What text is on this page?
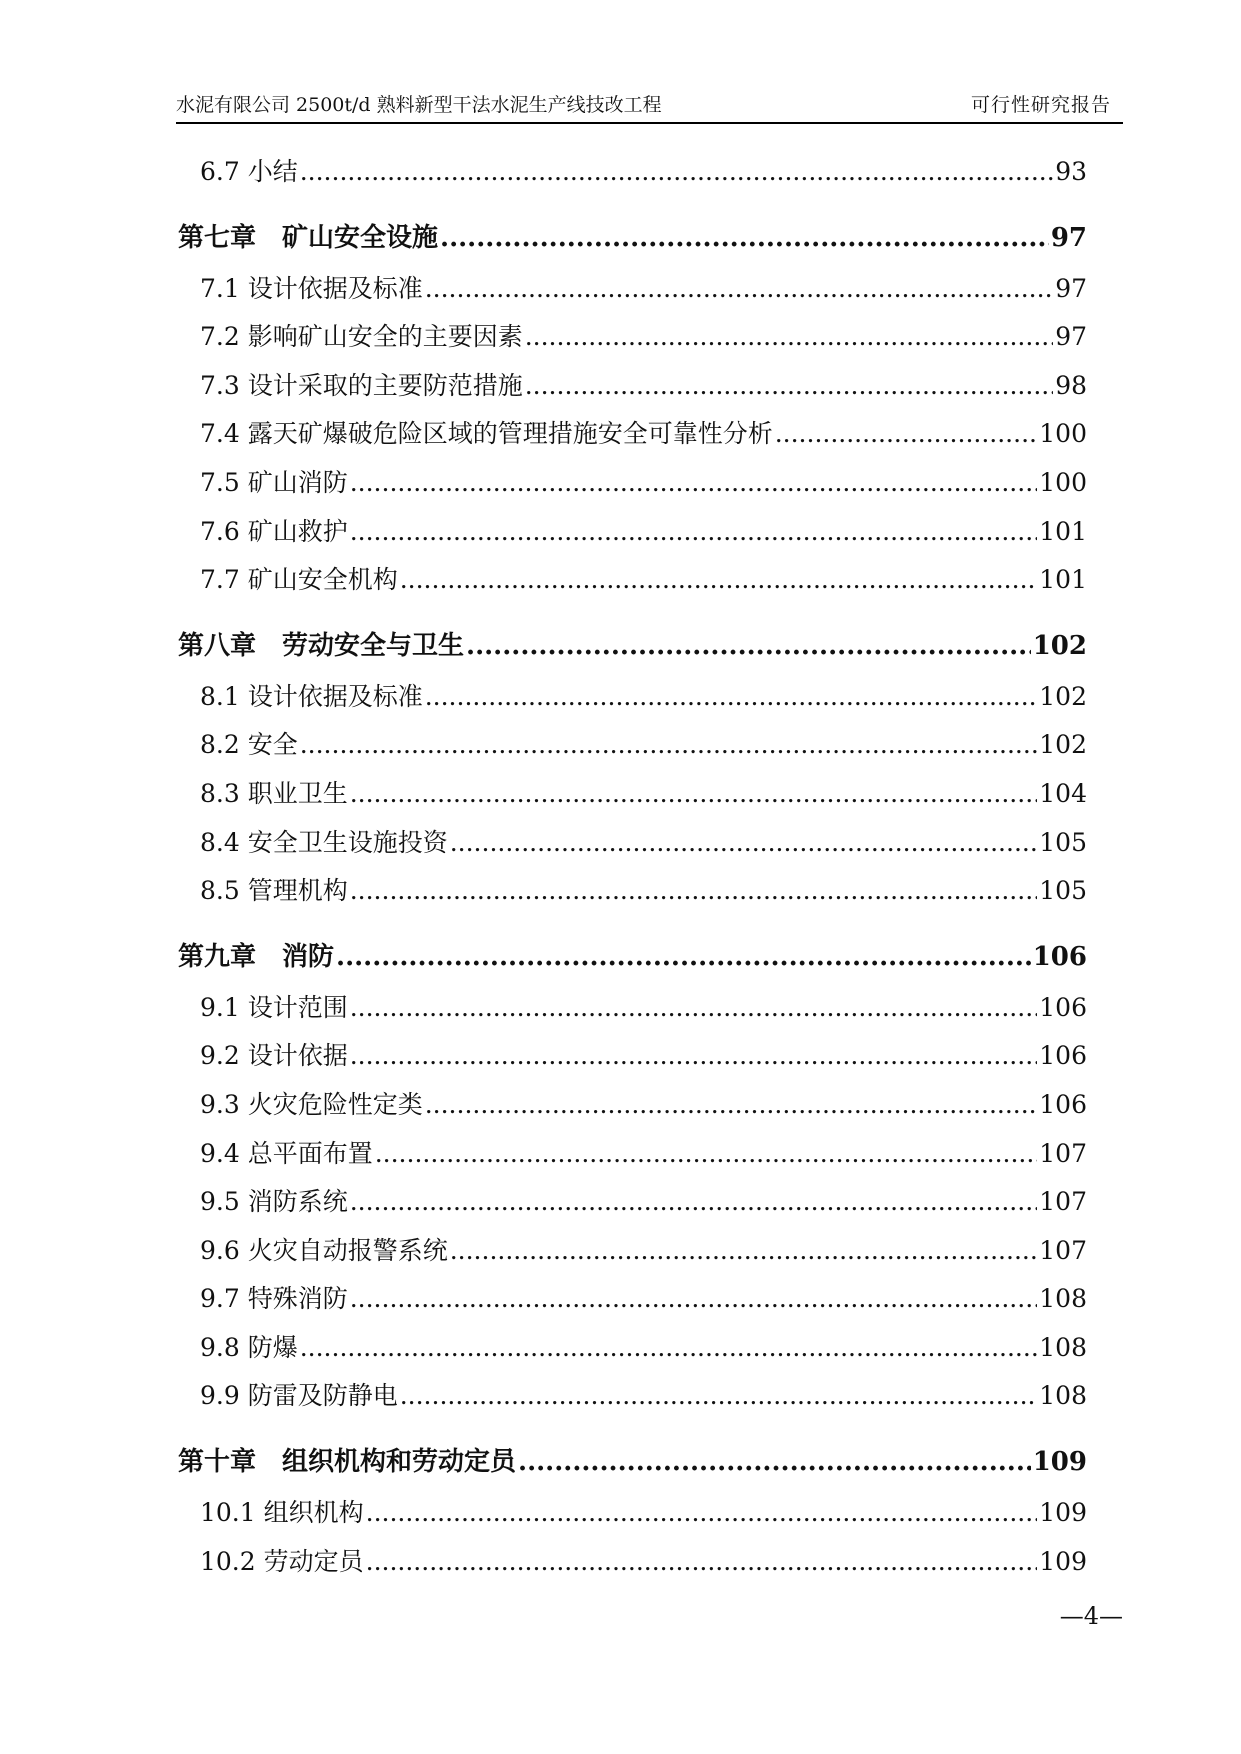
水泥有限公司 2500t/d 熟料新型干法水泥生产线技改工程	可行性研究报告
6.7 小结 .....	93
第七章　矿山安全设施 .....	97
7.1 设计依据及标准 .....	97
7.2 影响矿山安全的主要因素 .....	97
7.3 设计采取的主要防范措施 .....	98
7.4 露天矿爆破危险区域的管理措施安全可靠性分析 .....	100
7.5 矿山消防 .....	100
7.6 矿山救护 .....	101
7.7 矿山安全机构 .....	101
第八章　劳动安全与卫生 .....	102
8.1 设计依据及标准 .....	102
8.2 安全 .....	102
8.3 职业卫生 .....	104
8.4 安全卫生设施投资 .....	105
8.5 管理机构 .....	105
第九章　消防 .....	106
9.1 设计范围 .....	106
9.2 设计依据 .....	106
9.3 火灾危险性定类 .....	106
9.4 总平面布置 .....	107
9.5 消防系统 .....	107
9.6 火灾自动报警系统 .....	107
9.7 特殊消防 .....	108
9.8 防爆 .....	108
9.9 防雷及防静电 .....	108
第十章　组织机构和劳动定员 .....	109
10.1 组织机构 .....	109
10.2 劳动定员 .....	109
—4—
